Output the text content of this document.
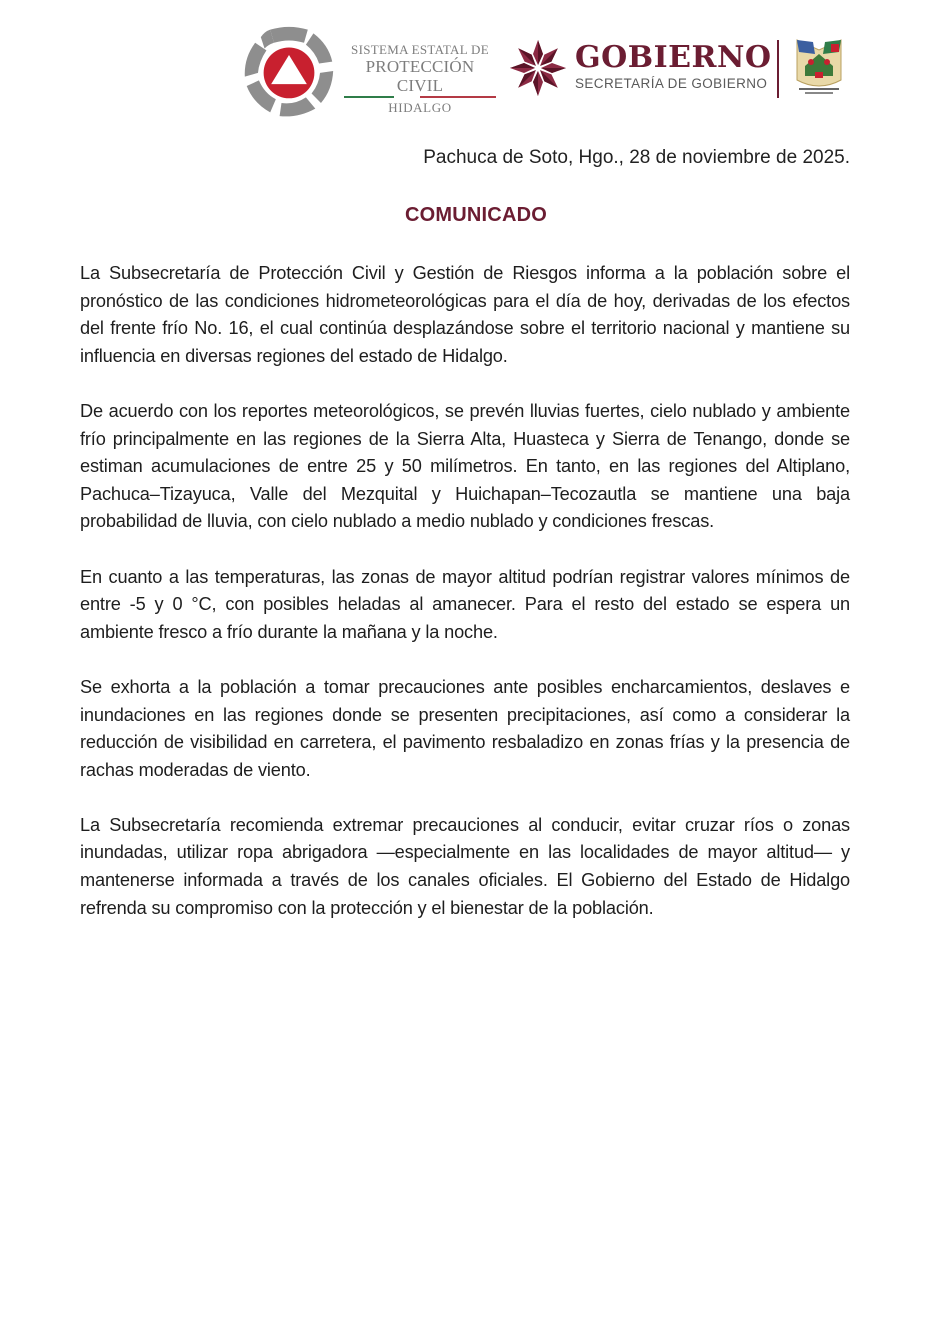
SISTEMA ESTATAL DE
PROTECCIÓN CIVIL
HIDALGO
GOBIERNO
SECRETARÍA DE GOBIERNO
Pachuca de Soto, Hgo., 28 de noviembre de 2025.
COMUNICADO

La Subsecretaría de Protección Civil y Gestión de Riesgos informa a la población sobre el pronóstico de las condiciones hidrometeorológicas para el día de hoy, derivadas de los efectos del frente frío No. 16, el cual continúa desplazándose sobre el territorio nacional y mantiene su influencia en diversas regiones del estado de Hidalgo.

De acuerdo con los reportes meteorológicos, se prevén lluvias fuertes, cielo nublado y ambiente frío principalmente en las regiones de la Sierra Alta, Huasteca y Sierra de Tenango, donde se estiman acumulaciones de entre 25 y 50 milímetros. En tanto, en las regiones del Altiplano, Pachuca–Tizayuca, Valle del Mezquital y Huichapan–Tecozautla se mantiene una baja probabilidad de lluvia, con cielo nublado a medio nublado y condiciones frescas.

En cuanto a las temperaturas, las zonas de mayor altitud podrían registrar valores mínimos de entre -5 y 0 °C, con posibles heladas al amanecer. Para el resto del estado se espera un ambiente fresco a frío durante la mañana y la noche.

Se exhorta a la población a tomar precauciones ante posibles encharcamientos, deslaves e inundaciones en las regiones donde se presenten precipitaciones, así como a considerar la reducción de visibilidad en carretera, el pavimento resbaladizo en zonas frías y la presencia de rachas moderadas de viento.

La Subsecretaría recomienda extremar precauciones al conducir, evitar cruzar ríos o zonas inundadas, utilizar ropa abrigadora —especialmente en las localidades de mayor altitud— y mantenerse informada a través de los canales oficiales. El Gobierno del Estado de Hidalgo refrenda su compromiso con la protección y el bienestar de la población.
